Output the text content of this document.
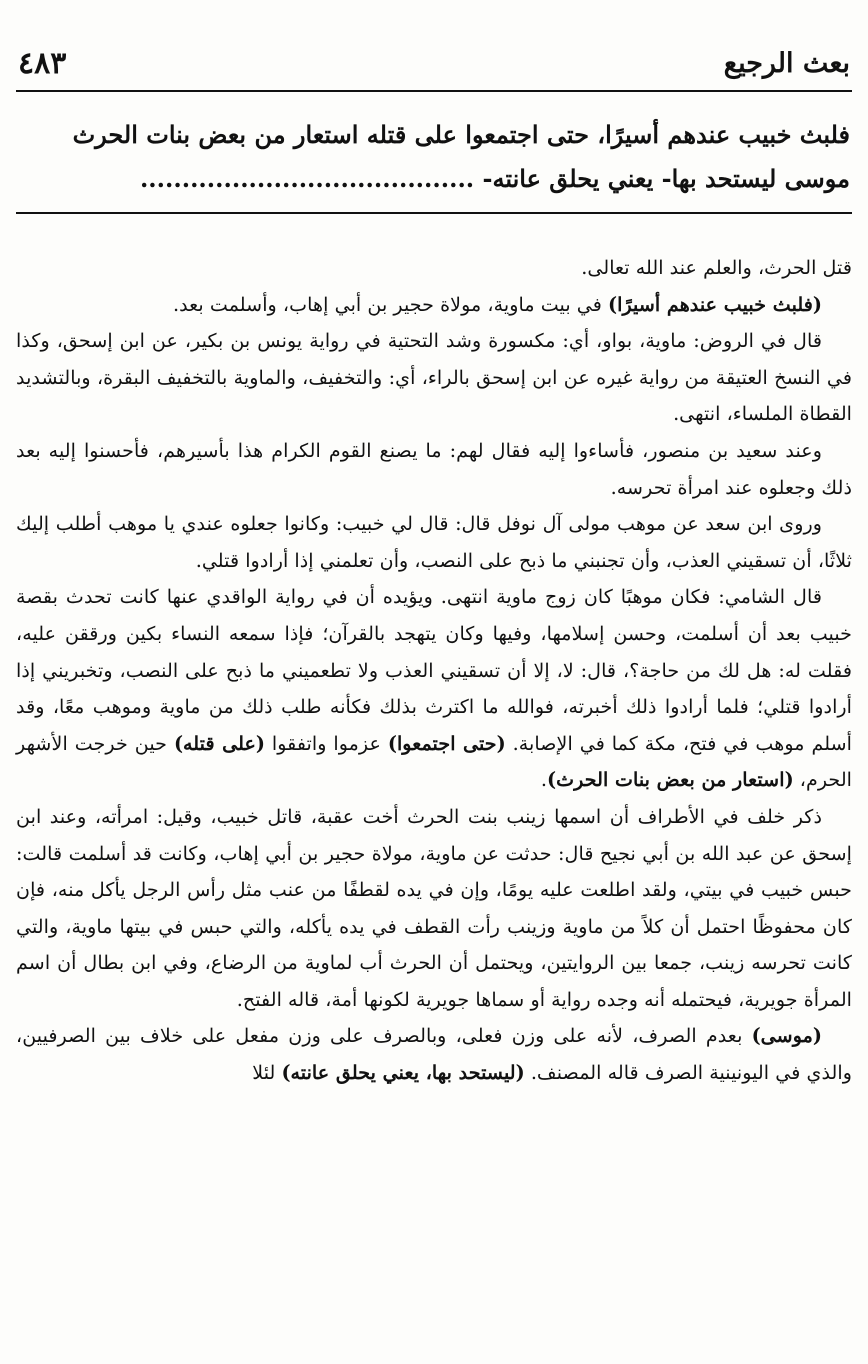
بعث الرجيع
٤٨٣
فلبث خبيب عندهم أسيرًا، حتى اجتمعوا على قتله استعار من بعض بنات الحرث
موسى ليستحد بها- يعني يحلق عانته- ........................................

قتل الحرث، والعلم عند الله تعالى.

(فلبث خبيب عندهم أسيرًا) في بيت ماوية، مولاة حجير بن أبي إهاب، وأسلمت بعد.

قال في الروض: ماوية، بواو، أي: مكسورة وشد التحتية في رواية يونس بن بكير، عن ابن إسحق، وكذا في النسخ العتيقة من رواية غيره عن ابن إسحق بالراء، أي: والتخفيف، والماوية بالتخفيف البقرة، وبالتشديد القطاة الملساء، انتهى.

وعند سعيد بن منصور، فأساءوا إليه فقال لهم: ما يصنع القوم الكرام هذا بأسيرهم، فأحسنوا إليه بعد ذلك وجعلوه عند امرأة تحرسه.

وروى ابن سعد عن موهب مولى آل نوفل قال: قال لي خبيب: وكانوا جعلوه عندي يا موهب أطلب إليك ثلاثًا، أن تسقيني العذب، وأن تجنبني ما ذبح على النصب، وأن تعلمني إذا أرادوا قتلي.

قال الشامي: فكان موهبًا كان زوج ماوية انتهى. ويؤيده أن في رواية الواقدي عنها كانت تحدث بقصة خبيب بعد أن أسلمت، وحسن إسلامها، وفيها وكان يتهجد بالقرآن؛ فإذا سمعه النساء بكين ورققن عليه، فقلت له: هل لك من حاجة؟، قال: لا، إلا أن تسقيني العذب ولا تطعميني ما ذبح على النصب، وتخبريني إذا أرادوا قتلي؛ فلما أرادوا ذلك أخبرته، فوالله ما اكترث بذلك فكأنه طلب ذلك من ماوية وموهب معًا، وقد أسلم موهب في فتح، مكة كما في الإصابة. (حتى اجتمعوا) عزموا واتفقوا (على قتله) حين خرجت الأشهر الحرم، (استعار من بعض بنات الحرث).

ذكر خلف في الأطراف أن اسمها زينب بنت الحرث أخت عقبة، قاتل خبيب، وقيل: امرأته، وعند ابن إسحق عن عبد الله بن أبي نجيح قال: حدثت عن ماوية، مولاة حجير بن أبي إهاب، وكانت قد أسلمت قالت: حبس خبيب في بيتي، ولقد اطلعت عليه يومًا، وإن في يده لقطفًا من عنب مثل رأس الرجل يأكل منه، فإن كان محفوظًا احتمل أن كلاً من ماوية وزينب رأت القطف في يده يأكله، والتي حبس في بيتها ماوية، والتي كانت تحرسه زينب، جمعا بين الروايتين، ويحتمل أن الحرث أب لماوية من الرضاع، وفي ابن بطال أن اسم المرأة جويرية، فيحتمله أنه وجده رواية أو سماها جويرية لكونها أمة، قاله الفتح.

(موسى) بعدم الصرف، لأنه على وزن فعلى، وبالصرف على وزن مفعل على خلاف بين الصرفيين، والذي في اليونينية الصرف قاله المصنف. (ليستحد بها، يعني يحلق عانته) لئلا
